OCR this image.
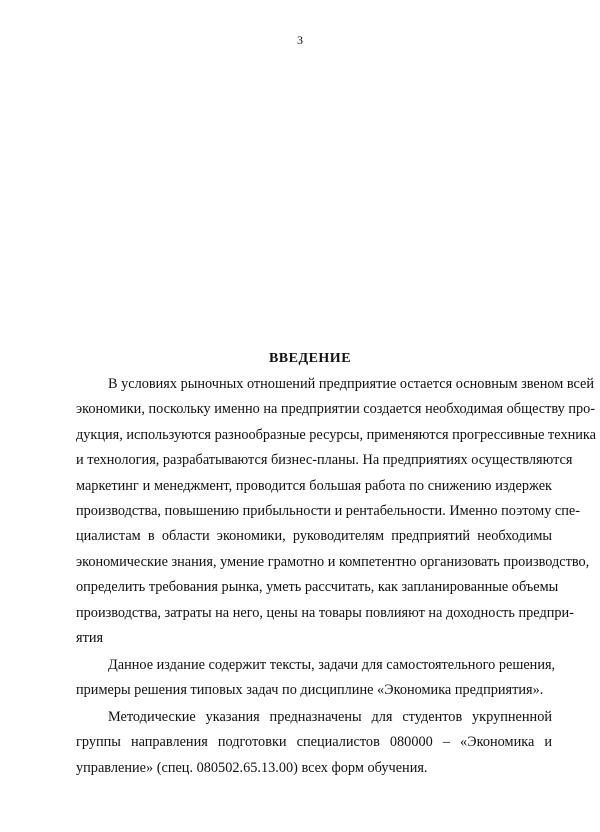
3
ВВЕДЕНИЕ
В условиях рыночных отношений предприятие остается основным звеном всей
экономики, поскольку именно на предприятии создается необходимая обществу про-
дукция, используются разнообразные ресурсы, применяются прогрессивные техника
и технология, разрабатываются бизнес-планы. На предприятиях осуществляются
маркетинг и менеджмент, проводится большая работа по снижению издержек
производства, повышению прибыльности и рентабельности. Именно поэтому спе-
циалистам в области экономики, руководителям предприятий необходимы
экономические знания, умение грамотно и компетентно организовать производство,
определить требования рынка, уметь рассчитать, как запланированные объемы
производства, затраты на него, цены на товары повлияют на доходность предпри-
ятия
Данное издание содержит тексты, задачи для самостоятельного решения,
примеры решения типовых задач по дисциплине «Экономика предприятия».
Методические указания предназначены для студентов укрупненной
группы направления подготовки специалистов 080000 – «Экономика и
управление» (спец. 080502.65.13.00) всех форм обучения.
